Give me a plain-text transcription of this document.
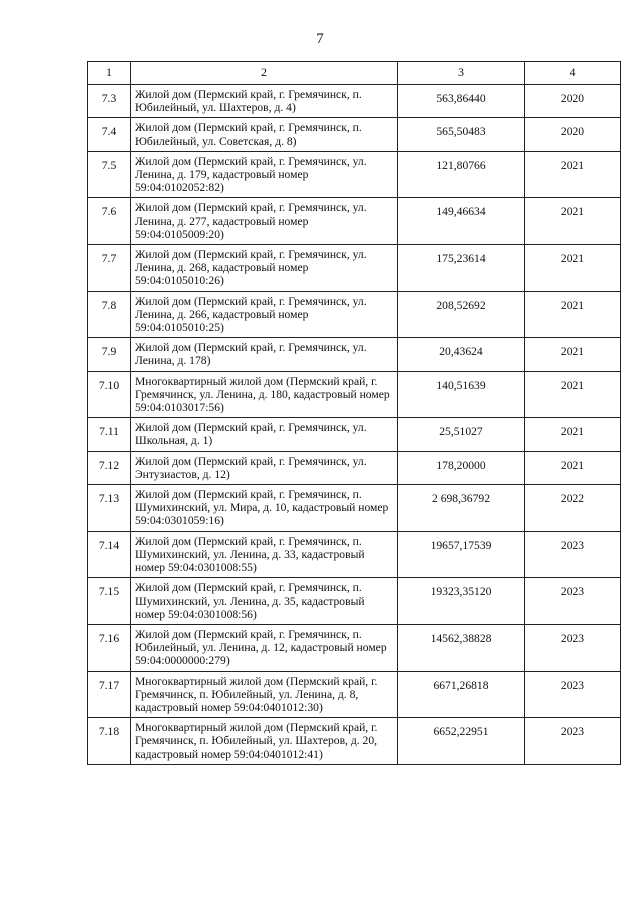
7
1	2	3	4
7.3	Жилой дом (Пермский край, г. Гремячинск, п. Юбилейный, ул. Шахтеров, д. 4)	563,86440	2020
7.4	Жилой дом (Пермский край, г. Гремячинск, п. Юбилейный, ул. Советская, д. 8)	565,50483	2020
7.5	Жилой дом (Пермский край, г. Гремячинск, ул. Ленина, д. 179, кадастровый номер 59:04:0102052:82)	121,80766	2021
7.6	Жилой дом (Пермский край, г. Гремячинск, ул. Ленина, д. 277, кадастровый номер 59:04:0105009:20)	149,46634	2021
7.7	Жилой дом (Пермский край, г. Гремячинск, ул. Ленина, д. 268, кадастровый номер 59:04:0105010:26)	175,23614	2021
7.8	Жилой дом (Пермский край, г. Гремячинск, ул. Ленина, д. 266, кадастровый номер 59:04:0105010:25)	208,52692	2021
7.9	Жилой дом (Пермский край, г. Гремячинск, ул. Ленина, д. 178)	20,43624	2021
7.10	Многоквартирный жилой дом (Пермский край, г. Гремячинск, ул. Ленина, д. 180, кадастровый номер 59:04:0103017:56)	140,51639	2021
7.11	Жилой дом (Пермский край, г. Гремячинск, ул. Школьная, д. 1)	25,51027	2021
7.12	Жилой дом (Пермский край, г. Гремячинск, ул. Энтузиастов, д. 12)	178,20000	2021
7.13	Жилой дом (Пермский край, г. Гремячинск, п. Шумихинский, ул. Мира, д. 10, кадастровый номер 59:04:0301059:16)	2 698,36792	2022
7.14	Жилой дом (Пермский край, г. Гремячинск, п. Шумихинский, ул. Ленина, д. 33, кадастровый номер 59:04:0301008:55)	19657,17539	2023
7.15	Жилой дом (Пермский край, г. Гремячинск, п. Шумихинский, ул. Ленина, д. 35, кадастровый номер 59:04:0301008:56)	19323,35120	2023
7.16	Жилой дом (Пермский край, г. Гремячинск, п. Юбилейный, ул. Ленина, д. 12, кадастровый номер 59:04:0000000:279)	14562,38828	2023
7.17	Многоквартирный жилой дом (Пермский край, г. Гремячинск, п. Юбилейный, ул. Ленина, д. 8, кадастровый номер 59:04:0401012:30)	6671,26818	2023
7.18	Многоквартирный жилой дом (Пермский край, г. Гремячинск, п. Юбилейный, ул. Шахтеров, д. 20, кадастровый номер 59:04:0401012:41)	6652,22951	2023
